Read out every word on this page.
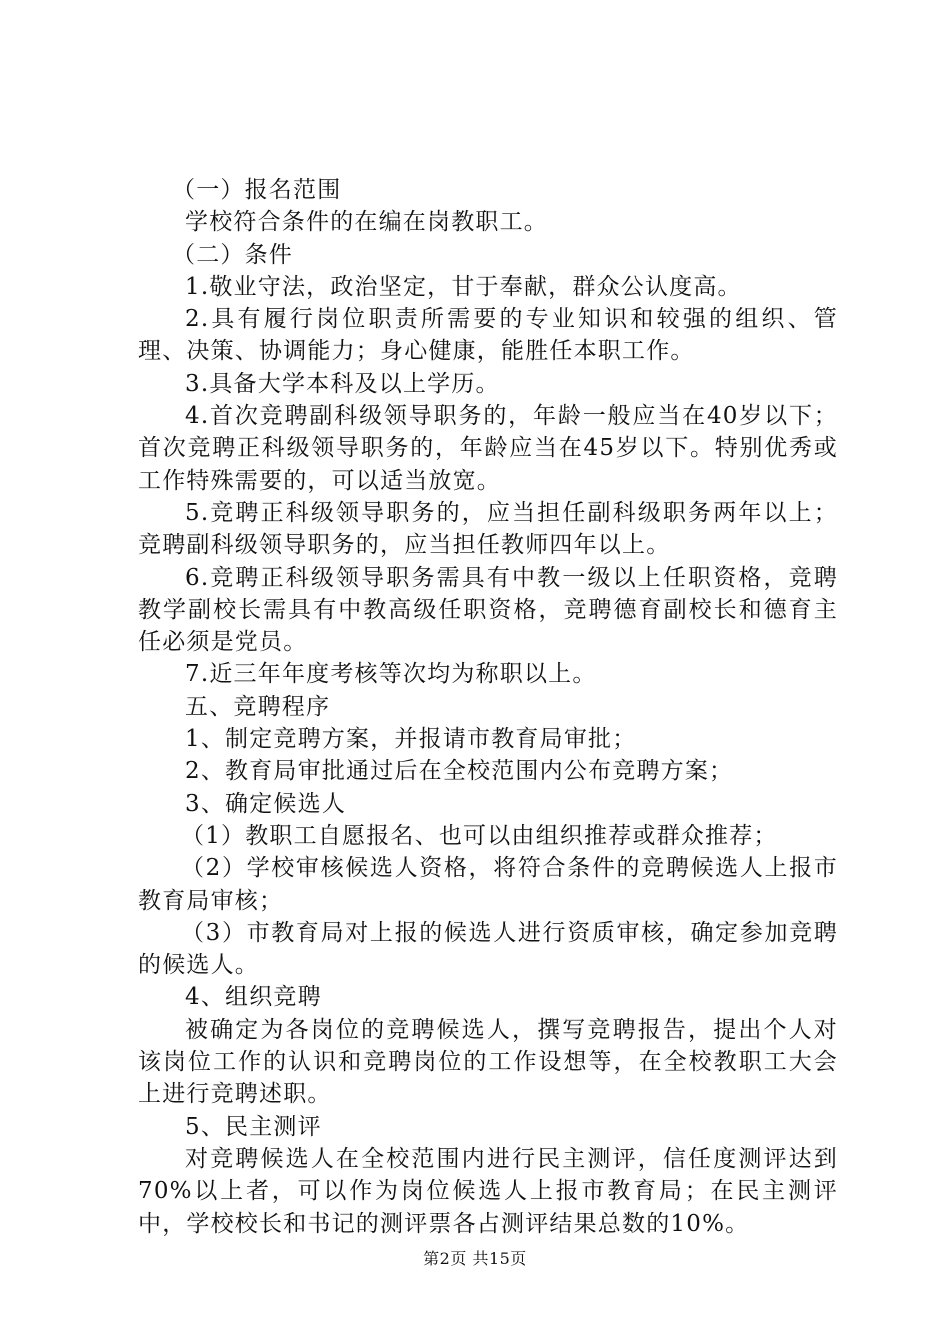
（一）报名范围

学校符合条件的在编在岗教职工。

（二）条件

1.敬业守法，政治坚定，甘于奉献，群众公认度高。

2.具有履行岗位职责所需要的专业知识和较强的组织、管理、决策、协调能力；身心健康，能胜任本职工作。

3.具备大学本科及以上学历。

4.首次竞聘副科级领导职务的，年龄一般应当在40岁以下；首次竞聘正科级领导职务的，年龄应当在45岁以下。特别优秀或工作特殊需要的，可以适当放宽。

5.竞聘正科级领导职务的，应当担任副科级职务两年以上；竞聘副科级领导职务的，应当担任教师四年以上。

6.竞聘正科级领导职务需具有中教一级以上任职资格，竞聘教学副校长需具有中教高级任职资格，竞聘德育副校长和德育主任必须是党员。

7.近三年年度考核等次均为称职以上。

五、竞聘程序

1、制定竞聘方案，并报请市教育局审批；

2、教育局审批通过后在全校范围内公布竞聘方案；

3、确定候选人

（1）教职工自愿报名、也可以由组织推荐或群众推荐；

（2）学校审核候选人资格，将符合条件的竞聘候选人上报市教育局审核；

（3）市教育局对上报的候选人进行资质审核，确定参加竞聘的候选人。

4、组织竞聘

被确定为各岗位的竞聘候选人，撰写竞聘报告，提出个人对该岗位工作的认识和竞聘岗位的工作设想等，在全校教职工大会上进行竞聘述职。

5、民主测评

对竞聘候选人在全校范围内进行民主测评，信任度测评达到70%以上者，可以作为岗位候选人上报市教育局；在民主测评中，学校校长和书记的测评票各占测评结果总数的10%。

第2页 共15页
